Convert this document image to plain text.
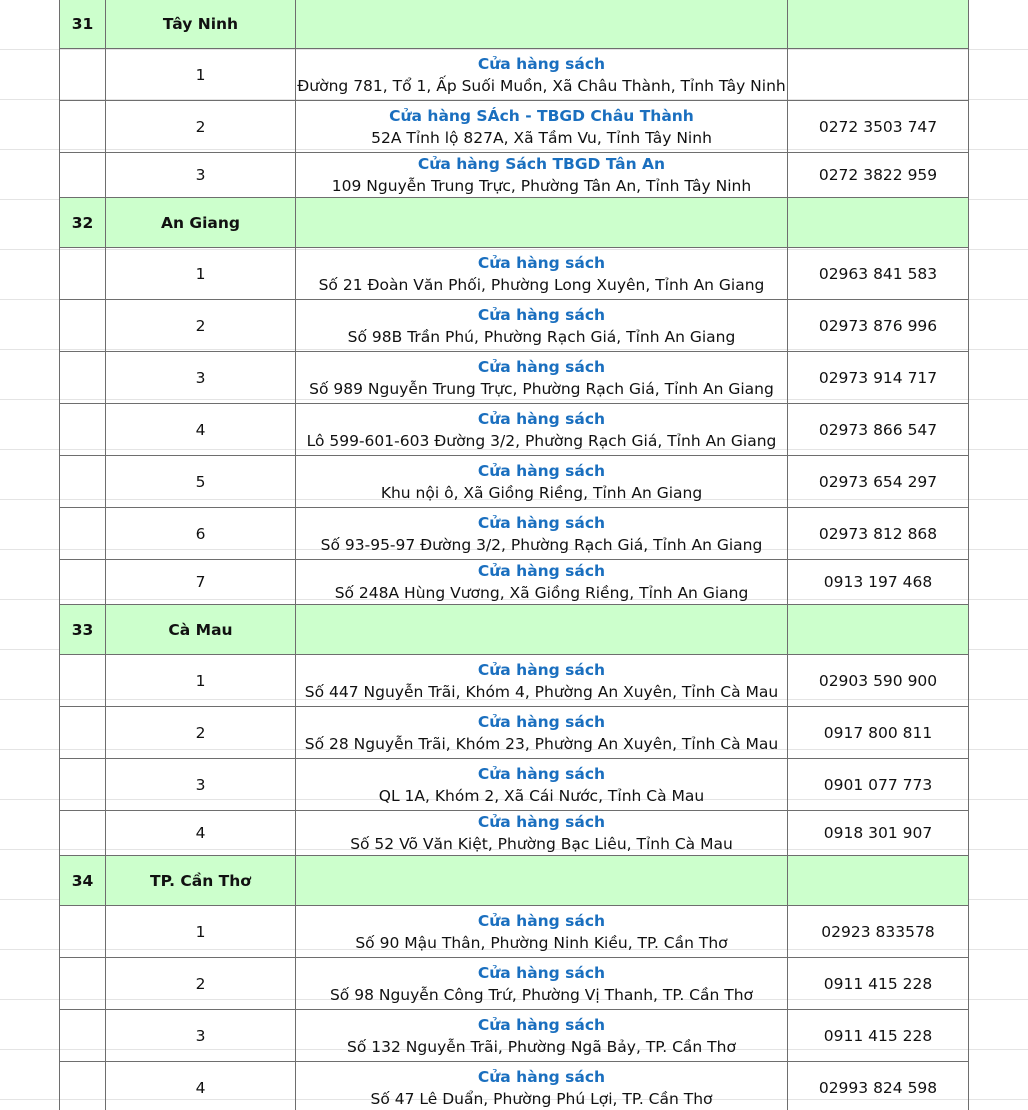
31	Tây Ninh		
	1	Cửa hàng sách
Đường 781, Tổ 1, Ấp Suối Muồn, Xã Châu Thành, Tỉnh Tây Ninh	

	2	Cửa hàng SÁch - TBGD Châu Thành
52A Tỉnh lộ 827A, Xã Tầm Vu, Tỉnh Tây Ninh	0272 3503 747
	3	Cửa hàng Sách TBGD Tân An
109 Nguyễn Trung Trực, Phường Tân An, Tỉnh Tây Ninh	0272 3822 959
32	An Giang		
	1	Cửa hàng sách
Số 21 Đoàn Văn Phối, Phường Long Xuyên, Tỉnh An Giang	02963 841 583
	2	Cửa hàng sách
Số 98B Trần Phú, Phường Rạch Giá, Tỉnh An Giang	02973 876 996
	3	Cửa hàng sách
Số 989 Nguyễn Trung Trực, Phường Rạch Giá, Tỉnh An Giang	02973 914 717
	4	Cửa hàng sách
Lô 599-601-603 Đường 3/2, Phường Rạch Giá, Tỉnh An Giang	02973 866 547
	5	Cửa hàng sách
Khu nội ô, Xã Giồng Riềng, Tỉnh An Giang	02973 654 297
	6	Cửa hàng sách
Số 93-95-97 Đường 3/2, Phường Rạch Giá, Tỉnh An Giang	02973 812 868
	7	Cửa hàng sách
Số 248A Hùng Vương, Xã Giồng Riềng, Tỉnh An Giang	0913 197 468
33	Cà Mau		
	1	Cửa hàng sách
Số 447 Nguyễn Trãi, Khóm 4, Phường An Xuyên, Tỉnh Cà Mau	02903 590 900
	2	Cửa hàng sách
Số 28 Nguyễn Trãi, Khóm 23, Phường An Xuyên, Tỉnh Cà Mau	0917 800 811
	3	Cửa hàng sách
QL 1A, Khóm 2, Xã Cái Nước, Tỉnh Cà Mau	0901 077 773
	4	Cửa hàng sách
Số 52 Võ Văn Kiệt, Phường Bạc Liêu, Tỉnh Cà Mau	0918 301 907
34	TP. Cần Thơ		
	1	Cửa hàng sách
Số 90 Mậu Thân, Phường Ninh Kiều, TP. Cần Thơ	02923 833578
	2	Cửa hàng sách
Số 98 Nguyễn Công Trứ, Phường Vị Thanh, TP. Cần Thơ	0911 415 228
	3	Cửa hàng sách
Số 132 Nguyễn Trãi, Phường Ngã Bảy, TP. Cần Thơ	0911 415 228
	4	Cửa hàng sách
Số 47 Lê Duẩn, Phường Phú Lợi, TP. Cần Thơ	02993 824 598
